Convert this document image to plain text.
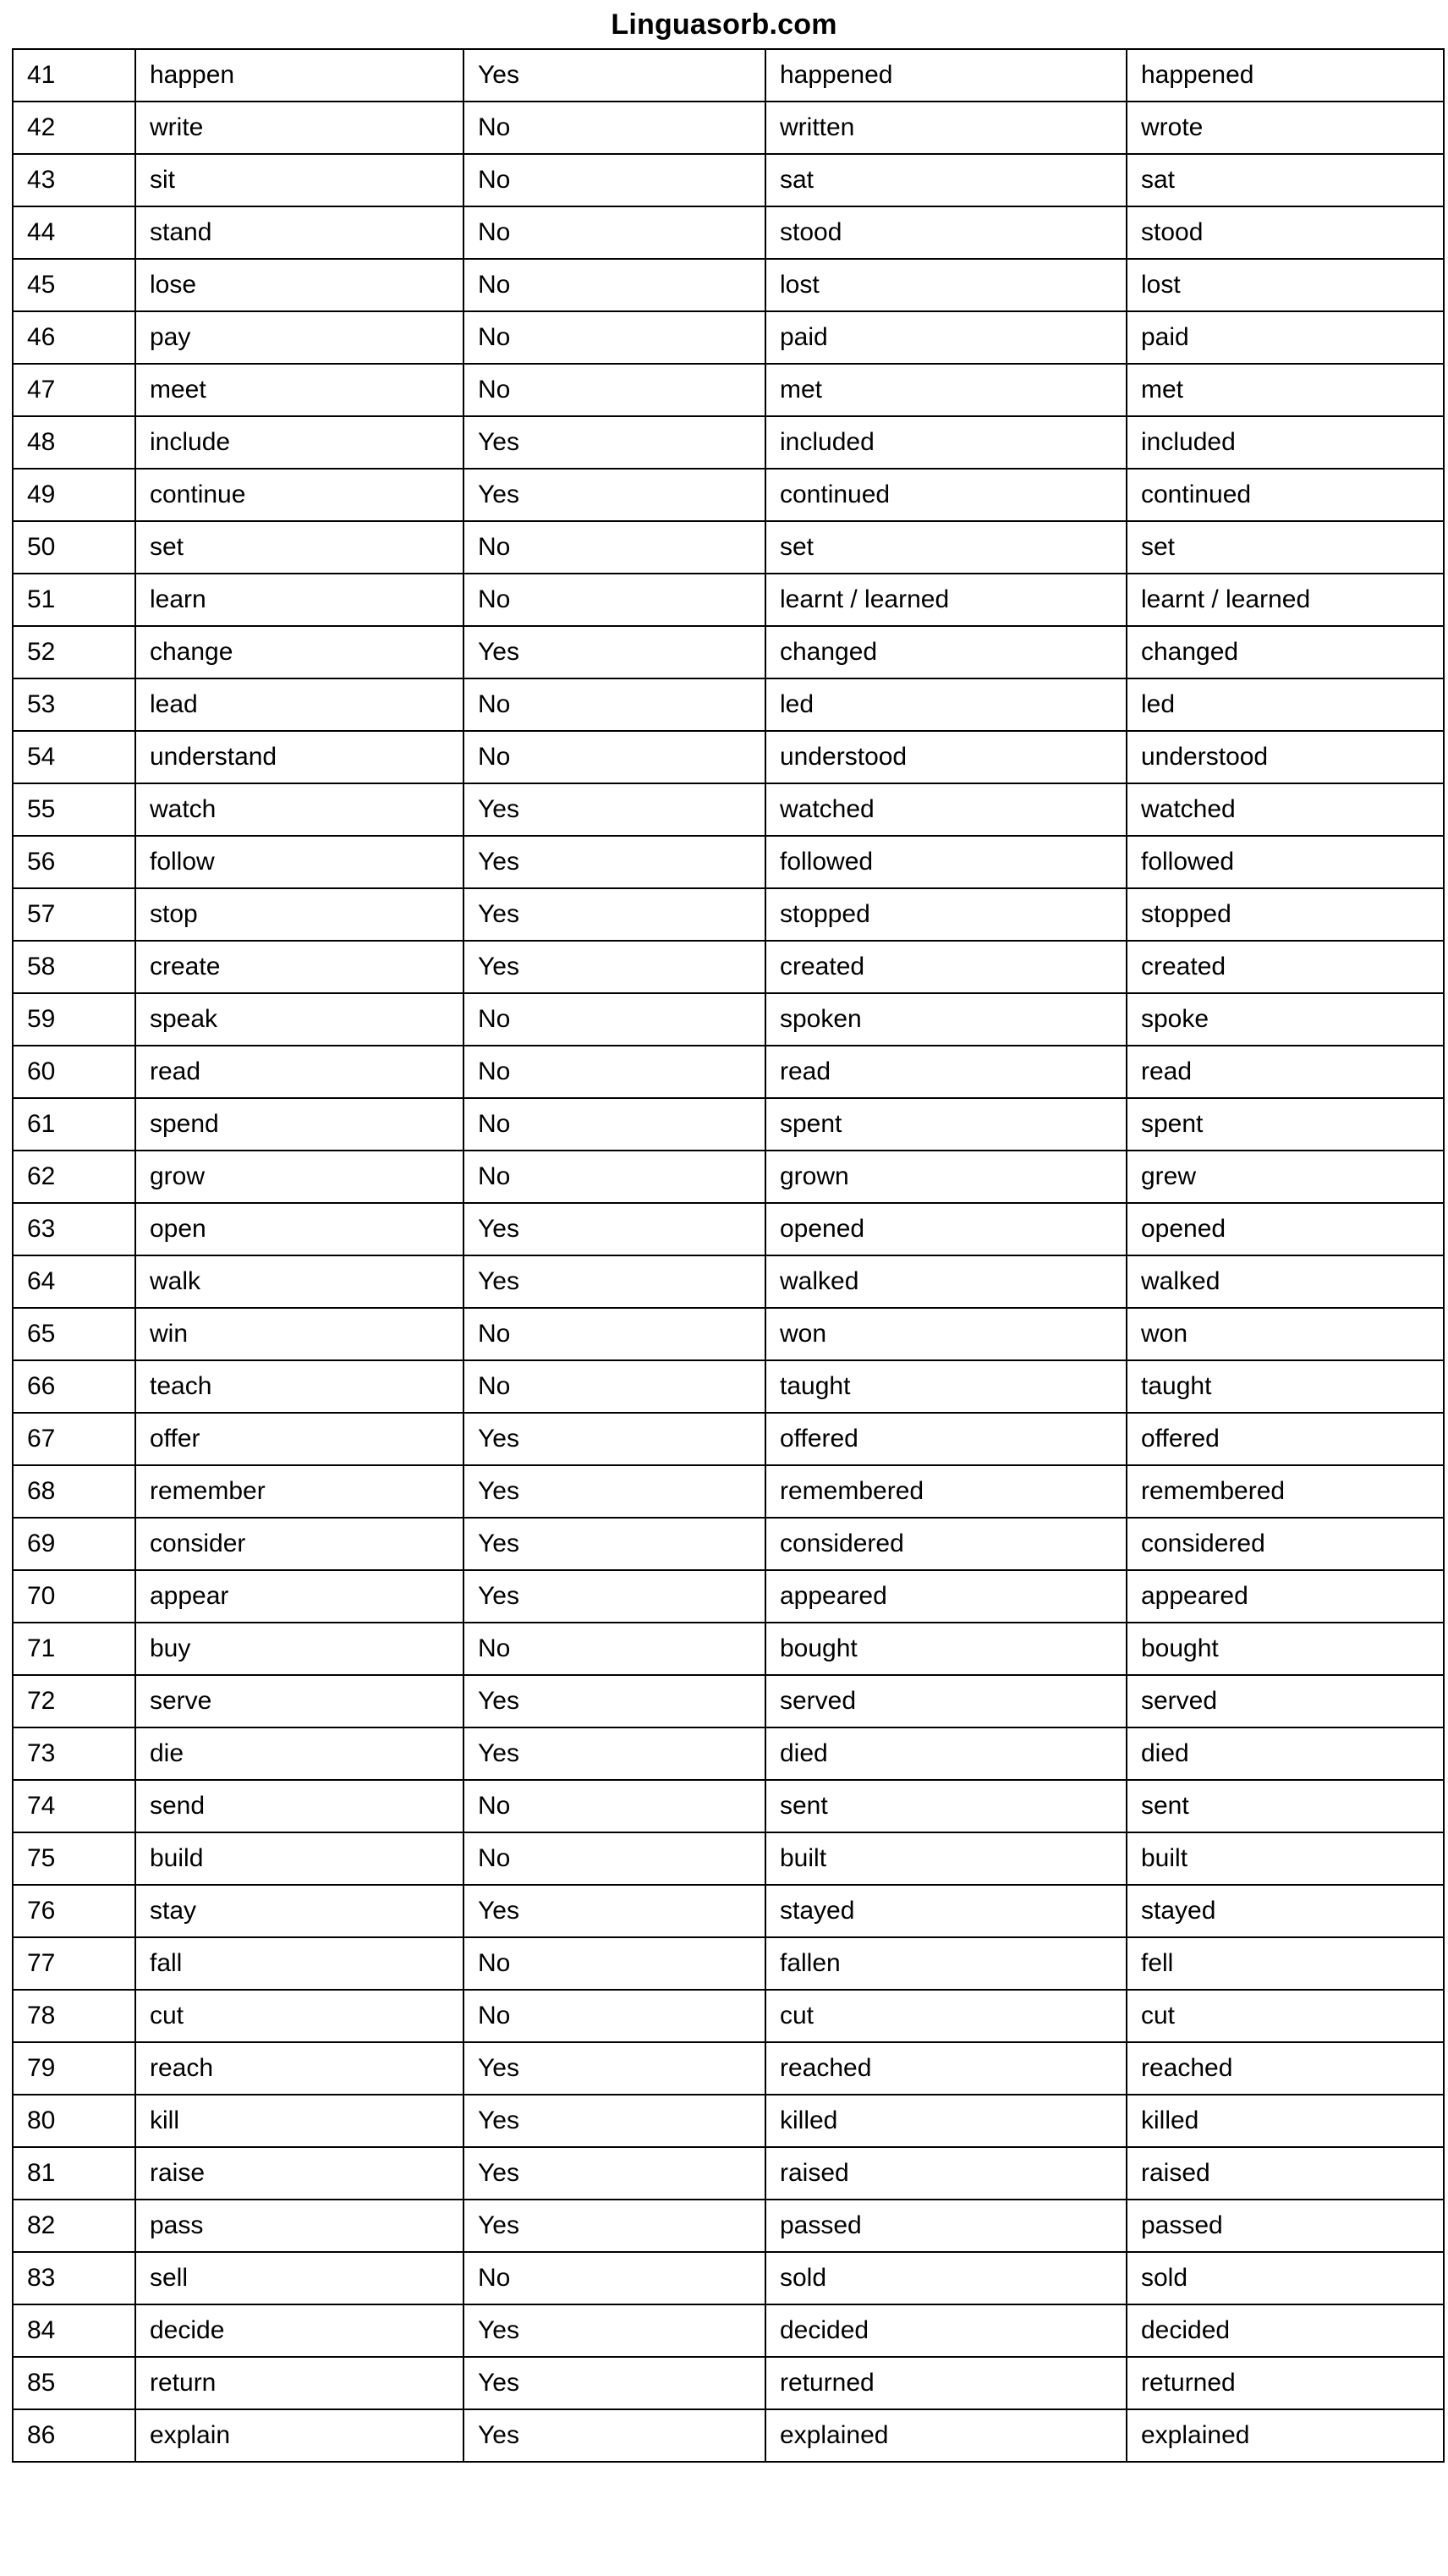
Linguasorb.com
41	happen	Yes	happened	happened
42	write	No	written	wrote
43	sit	No	sat	sat
44	stand	No	stood	stood
45	lose	No	lost	lost
46	pay	No	paid	paid
47	meet	No	met	met
48	include	Yes	included	included
49	continue	Yes	continued	continued
50	set	No	set	set
51	learn	No	learnt / learned	learnt / learned
52	change	Yes	changed	changed
53	lead	No	led	led
54	understand	No	understood	understood
55	watch	Yes	watched	watched
56	follow	Yes	followed	followed
57	stop	Yes	stopped	stopped
58	create	Yes	created	created
59	speak	No	spoken	spoke
60	read	No	read	read
61	spend	No	spent	spent
62	grow	No	grown	grew
63	open	Yes	opened	opened
64	walk	Yes	walked	walked
65	win	No	won	won
66	teach	No	taught	taught
67	offer	Yes	offered	offered
68	remember	Yes	remembered	remembered
69	consider	Yes	considered	considered
70	appear	Yes	appeared	appeared
71	buy	No	bought	bought
72	serve	Yes	served	served
73	die	Yes	died	died
74	send	No	sent	sent
75	build	No	built	built
76	stay	Yes	stayed	stayed
77	fall	No	fallen	fell
78	cut	No	cut	cut
79	reach	Yes	reached	reached
80	kill	Yes	killed	killed
81	raise	Yes	raised	raised
82	pass	Yes	passed	passed
83	sell	No	sold	sold
84	decide	Yes	decided	decided
85	return	Yes	returned	returned
86	explain	Yes	explained	explained
